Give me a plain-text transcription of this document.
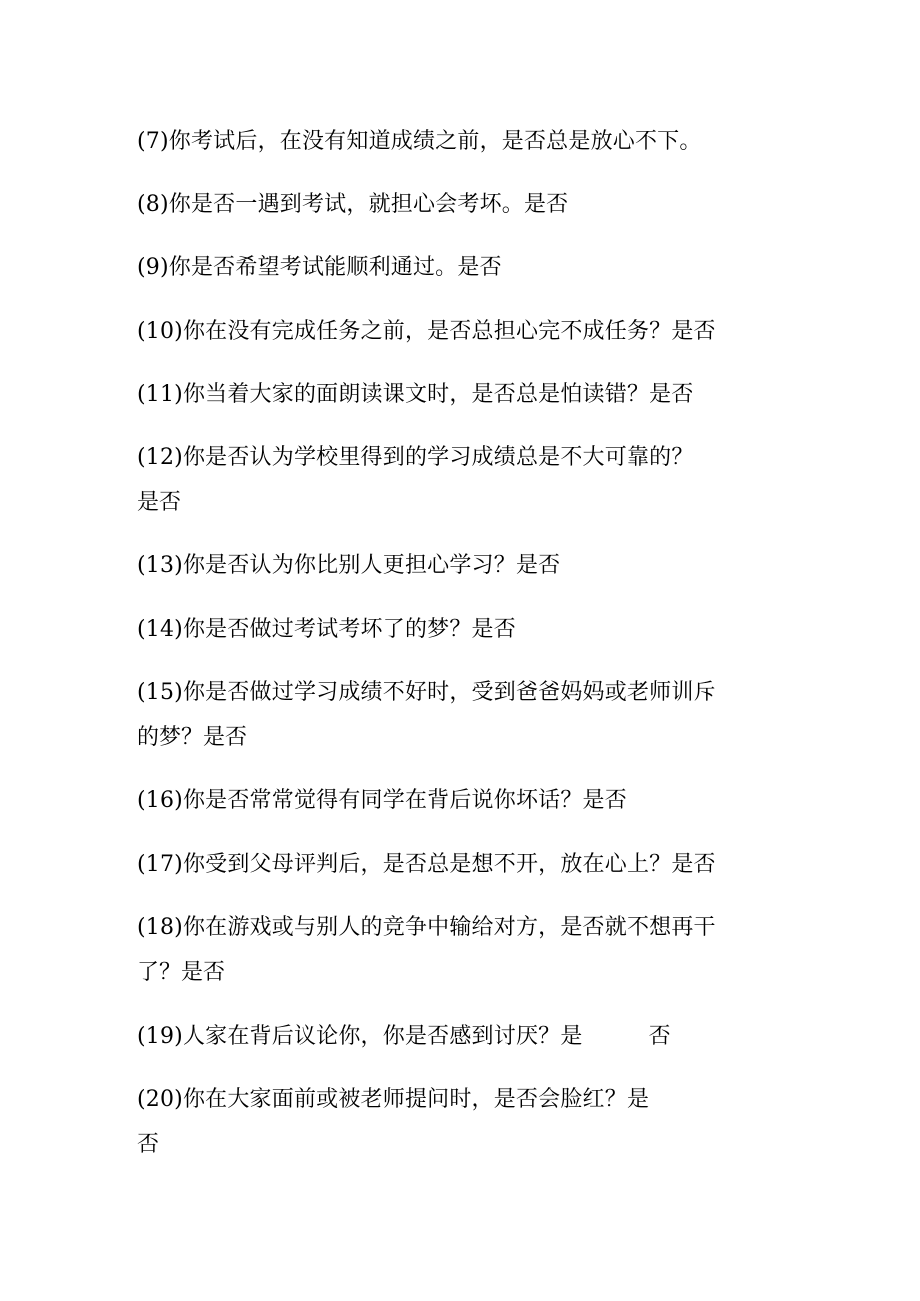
(7)你考试后，在没有知道成绩之前，是否总是放心不下。
(8)你是否一遇到考试，就担心会考坏。是否
(9)你是否希望考试能顺利通过。是否
(10)你在没有完成任务之前，是否总担心完不成任务？是否
(11)你当着大家的面朗读课文时，是否总是怕读错？是否
(12)你是否认为学校里得到的学习成绩总是不大可靠的？
是否
(13)你是否认为你比别人更担心学习？是否
(14)你是否做过考试考坏了的梦？是否
(15)你是否做过学习成绩不好时，受到爸爸妈妈或老师训斥
的梦？是否
(16)你是否常常觉得有同学在背后说你坏话？是否
(17)你受到父母评判后，是否总是想不开，放在心上？是否
(18)你在游戏或与别人的竞争中输给对方，是否就不想再干
了？是否
(19)人家在背后议论你，你是否感到讨厌？是	否
(20)你在大家面前或被老师提问时，是否会脸红？是
否
